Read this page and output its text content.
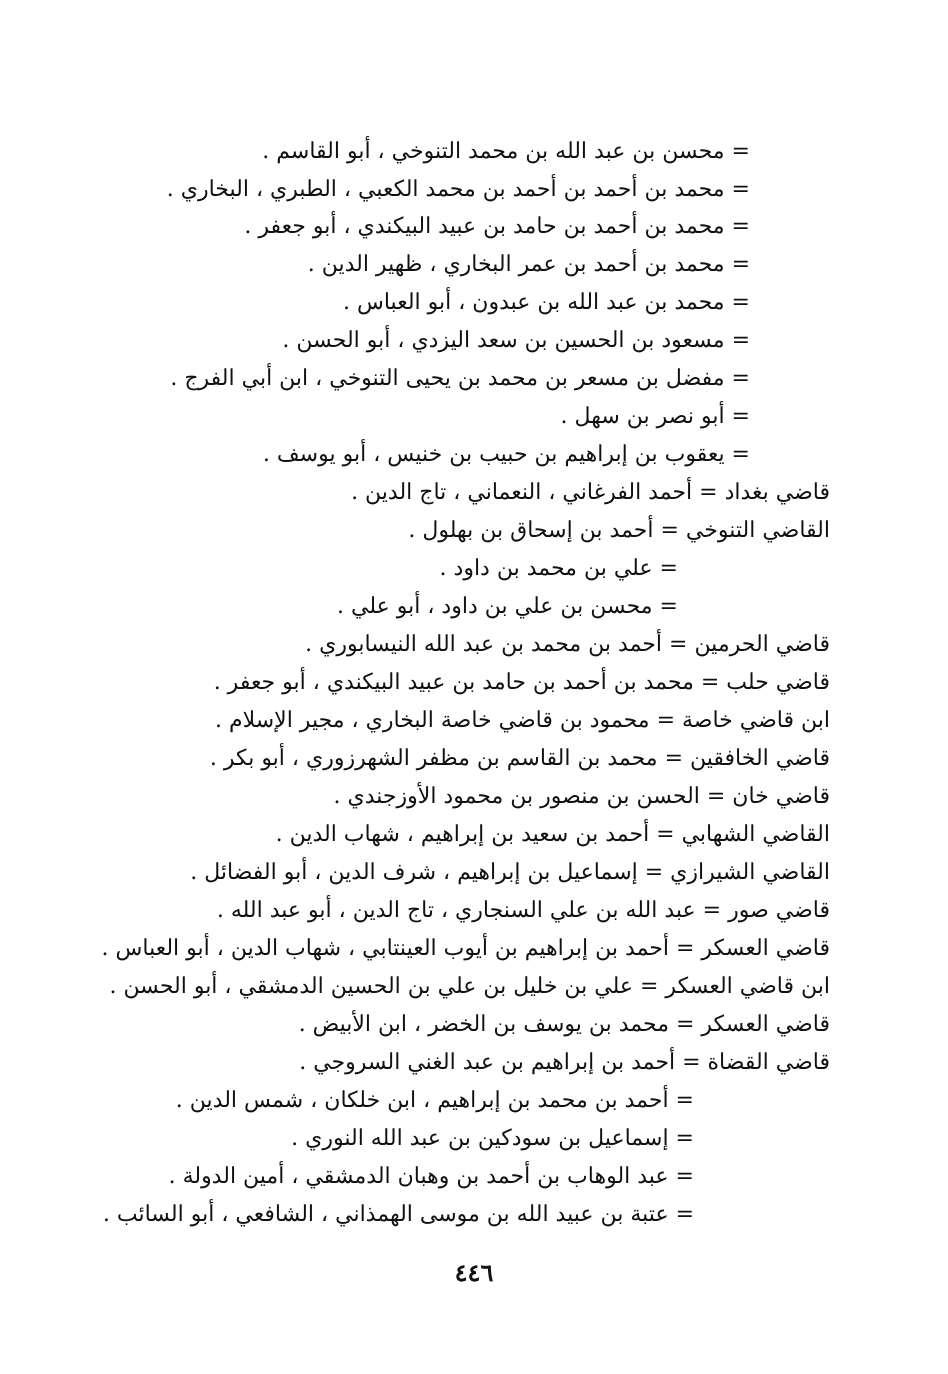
= محسن بن عبد الله بن محمد التنوخي ، أبو القاسم .
= محمد بن أحمد بن أحمد بن محمد الكعبي ، الطبري ، البخاري .
= محمد بن أحمد بن حامد بن عبيد البيكندي ، أبو جعفر .
= محمد بن أحمد بن عمر البخاري ، ظهير الدين .
= محمد بن عبد الله بن عبدون ، أبو العباس .
= مسعود بن الحسين بن سعد اليزدي ، أبو الحسن .
= مفضل بن مسعر بن محمد بن يحيى التنوخي ، ابن أبي الفرج .
= أبو نصر بن سهل .
= يعقوب بن إبراهيم بن حبيب بن خنيس ، أبو يوسف .
قاضي بغداد = أحمد الفرغاني ، النعماني ، تاج الدين .
القاضي التنوخي = أحمد بن إسحاق بن بهلول .
= علي بن محمد بن داود .
= محسن بن علي بن داود ، أبو علي .
قاضي الحرمين = أحمد بن محمد بن عبد الله النيسابوري .
قاضي حلب = محمد بن أحمد بن حامد بن عبيد البيكندي ، أبو جعفر .
ابن قاضي خاصة = محمود بن قاضي خاصة البخاري ، مجير الإسلام .
قاضي الخافقين = محمد بن القاسم بن مظفر الشهرزوري ، أبو بكر .
قاضي خان = الحسن بن منصور بن محمود الأوزجندي .
القاضي الشهابي = أحمد بن سعيد بن إبراهيم ، شهاب الدين .
القاضي الشيرازي = إسماعيل بن إبراهيم ، شرف الدين ، أبو الفضائل .
قاضي صور = عبد الله بن علي السنجاري ، تاج الدين ، أبو عبد الله .
قاضي العسكر = أحمد بن إبراهيم بن أيوب العينتابي ، شهاب الدين ، أبو العباس .
ابن قاضي العسكر = علي بن خليل بن علي بن الحسين الدمشقي ، أبو الحسن .
قاضي العسكر = محمد بن يوسف بن الخضر ، ابن الأبيض .
قاضي القضاة = أحمد بن إبراهيم بن عبد الغني السروجي .
= أحمد بن محمد بن إبراهيم ، ابن خلكان ، شمس الدين .
= إسماعيل بن سودكين بن عبد الله النوري .
= عبد الوهاب بن أحمد بن وهبان الدمشقي ، أمين الدولة .
= عتبة بن عبيد الله بن موسى الهمذاني ، الشافعي ، أبو السائب .
٤٤٦
